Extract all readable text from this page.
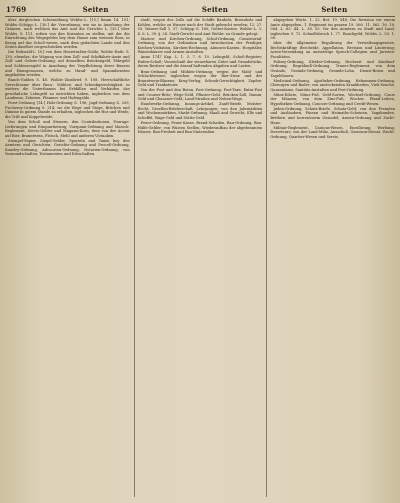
1769	Seiten	Seiten	Seiten

über dergleichen Schiessübung Wohlw.-L. [15.] Baum 14. 101; Wohlw.-Schöpp.-L. [30.] die Verordnung, wie sie in Ansehung der Gränzen, nach welchen das Amt und die Gerichte L. [35.] über Wohlw. S. 111, sofern von den Kuranten zu stellen, mit der die Einrichtung des Wegegeldes bey dem Hause zum weissen Ross, in Bezug auf das Schoß-wesen, nach dem gedachten Lande und den Zeiten daselbst vorgeschrieben worden.

Die Hohwald-L. [8.] von dem Heerstraßen-Gelde; Wohlw.-Rath. S. 130, ebendas. die Wägung von dem Zoll- und Schiffahrts-Amte und Zoll- und Geleits-Ordnung; auf denselben Brückengeld, Fährgeld und Schleusengeld in Ansehung der Verpflichtung derer Bauern und Hausgenossen, welche zu Hand- und Spanndiensten angehalten werden.

Rauch-Gulden S. 48. Wohlw.-Zinsbrief. 9. 108. Herrschaftliche Gerechtsame über Brau-, Mühlen- und Schenkgerechtigkeit, in wiefern die Unterthanen bei Erbfällen und Verkäufen das gewöhnliche Lehngeld zu entrichten haben, ingleichen von dem Laudemio, Zehnten, Pfannen- und Hufengelde.

Forst-Ordnung [14.] Holz-Ordnung S. 196; Jagd-Ordnung S. 209, Fischerey-Ordnung S. 214; wo die Wege und Stege, Brücken und Dämme in gutem Stande zu erhalten, ingleichen die Hut und Weide, die Trift und Koppelweide.

Von dem Schoß und Steuern, den Contributionen, Fourage-Lieferungen und Einquartierung; Vorspann-Ordnung und Marsch-Reglement, Servis-Gelder und Magazin-Korn; item von der Accise auf Bier, Branntwein, Fleisch, Mehl und anderen Victualien.

Stempel-Papier, Siegel-Gelder, Sporteln und Taxen bey den Aemtern und Gerichten; Gerichts-Ordnung und Proceß-Ordnung, Kanzley-Ordnung, Advocaten-Ordnung, Notarien-Ordnung; von Vormundschaften, Testamenten und Erbschaften.

stadt, wegen des Zolls auf die Schiffe Bauholz, Brennholz und Kohlen, welche zu Wasser nach der Stadt gebracht werden; 12. 27. 55. Wasser-Zoll 1. 57. Schöpp.-S. 160; Gottes-Kasten. Wohlw.-L. 1. 4. 6. L. 39. §. 28. Stadt-Gericht und Amt Wohlw. zu Grunde gelegt.

Marien- und Kirchen-Ordnung, Schul-Ordnung, Consistorial-Ordnung; von der Ordination und Introduction der Prediger, Kirchen-Visitation, Kirchen-Rechnung, Almosen-Kasten, Hospitäler, Waisenhäuser und Armen-Anstalten.

Anno 1747 Kap. L. 1. 3. 7. 8. 10. Lehngeld; Schoß-Register; Hufen-Schoß; Verzeichniß der steuerbaren Güter und Grundstücke, deren Besitzer und die darauf haftenden Abgaben und Lasten.

Brau-Ordnung und Mühlen-Ordnung; wegen der Mahl- und Schlachtsteuer, ingleichen wegen der Bier-Ziese und des Branntwein-Blasens; Krug-Verlag, Schenk-Gerechtigkeit, Zapfen-Geld und Tranksteuer.

Von der Post und den Boten, Post-Ordnung, Post-Taxe, Extra-Post und Courier-Ritte; Wege-Geld, Pflaster-Geld, Brücken-Zoll, Damm-Geld und Chaussee-Geld; Land-Straßen und Neben-Wege.

Handwerks-Ordnung, Innungs-Artikel, Zunft-Briefe, Meister-Recht, Gesellen-Brüderschaft, Lehrjungen; von den Jahrmärkten und Wochenmärkten, Markt-Ordnung, Maaß und Gewicht, Elle und Scheffel, Wage-Geld und Stätte-Geld.

Feuer-Ordnung, Feuer-Kasse, Brand-Schaden, Bau-Ordnung, Bau-Hülfs-Gelder; von Wüsten Stellen, Wiederaufbau der abgebrannten Häuser, Bau-Freiheit und Bau-Materialien.

abgegeben Worte. 1. 22. Bot. 19. 548; Die Revision vor einem Amte abgegeben. 1. Regiment im ganzen 19. 560. 11. 562. 16. 18. 564. L. 63. 44. L. 38. 53. Vor den Aemtern zu Stadt und Land, ingleichen 9. 72. Schnellsbruch 1. 77. Rauchgeld; Wohlw. L. 53. 1. 38.

über die allgemeine Regulirung der Verwaltungsgesetze, Rechtskräftige Bescheide, Appellation, Revision und Läuterung; Acten-Versendung an auswärtige Spruch-Collegien und Juristen-Facultäten.

Polizey-Ordnung, Kleider-Ordnung, Hochzeit- und Kindtauf-Ordnung, Begräbniß-Ordnung, Trauer-Reglement; von dem Gesinde, Gesinde-Ordnung, Gesinde-Lohn, Dienst-Boten und Tagelöhnern.

Medicinal-Ordnung, Apotheker-Ordnung, Hebammen-Ordnung, Chirurgen und Bader; von ansteckenden Krankheiten, Vieh-Seuche, Quarantaine, Sanitäts-Anstalten und Pest-Ordnung.

Münz-Edicte, Münz-Fuß, Geld-Sorten, Wechsel-Ordnung, Cours der Münzen; von dem Zins-Fuß, Wucher, Pfand-Leihen, Hypotheken-Ordnung, Concurs-Ordnung und Credit-Wesen.

Juden-Ordnung, Schutz-Briefe, Schutz-Geld; von den Fremden und Ausländern, Pässen und Heimaths-Scheinen, Vagabunden, Bettlern und herrenlosem Gesindel; Armen-Ordnung und Zucht-Haus.

Militair-Reglement, Cantons-Wesen, Enrollirung, Werbung, Deserteurs; von der Land-Miliz, Ausschuß, Garnison-Dienst, Wacht-Ordnung, Quartier-Wesen und Servis.
